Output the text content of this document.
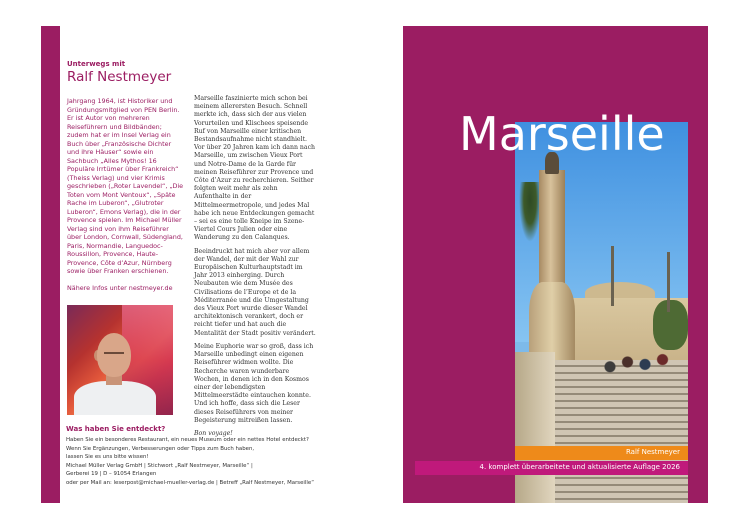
Unterwegs mit
Ralf Nestmeyer

Jahrgang 1964, ist Historiker und Gründungsmitglied von PEN Berlin. Er ist Autor von mehreren Reiseführern und Bildbänden; zudem hat er im Insel Verlag ein Buch über „Französische Dichter und ihre Häuser“ sowie ein Sachbuch „Alles Mythos! 16 Populäre Irrtümer über Frankreich“ (Theiss Verlag) und vier Krimis geschrieben („Roter Lavendel“, „Die Toten vom Mont Ventoux“, „Späte Rache im Luberon“, „Glutroter Luberon“, Emons Verlag), die in der Provence spielen. Im Michael Müller Verlag sind von ihm Reiseführer über London, Cornwall, Südengland, Paris, Normandie, Languedoc-Roussillon, Provence, Haute-Provence, Côte d’Azur, Nürnberg sowie über Franken erschienen.

Nähere Infos unter nestmeyer.de

Marseille faszinierte mich schon bei meinem allerersten Besuch. Schnell merkte ich, dass sich der aus vielen Vorurteilen und Klischees speisende Ruf von Marseille einer kritischen Bestandsaufnahme nicht standhielt. Vor über 20 Jahren kam ich dann nach Marseille, um zwischen Vieux Port und Notre-Dame de la Garde für meinen Reiseführer zur Provence und Côte d’Azur zu recherchieren. Seither folgten weit mehr als zehn Aufenthalte in der Mittelmeermetropole, und jedes Mal habe ich neue Entdeckungen gemacht – sei es eine tolle Kneipe im Szene-Viertel Cours Julien oder eine Wanderung zu den Calanques.

Beeindruckt hat mich aber vor allem der Wandel, der mit der Wahl zur Europäischen Kulturhauptstadt im Jahr 2013 einherging. Durch Neubauten wie dem Musée des Civilisations de l’Europe et de la Méditerranée und die Umgestaltung des Vieux Port wurde dieser Wandel architektonisch verankert, doch er reicht tiefer und hat auch die Mentalität der Stadt positiv verändert.

Meine Euphorie war so groß, dass ich Marseille unbedingt einen eigenen Reiseführer widmen wollte. Die Recherche waren wunderbare Wochen, in denen ich in den Kosmos einer der lebendigsten Mittelmeerstädte eintauchen konnte. Und ich hoffe, dass sich die Leser dieses Reiseführers von meiner Begeisterung mitreißen lassen.

Bon voyage!

Was haben Sie entdeckt?
Haben Sie ein besonderes Restaurant, ein neues Museum oder ein nettes Hotel entdeckt?
Wenn Sie Ergänzungen, Verbesserungen oder Tipps zum Buch haben,
lassen Sie es uns bitte wissen!
Michael Müller Verlag GmbH | Stichwort „Ralf Nestmeyer, Marseille“ |
Gerberei 19 | D – 91054 Erlangen
oder per Mail an: leserpost@michael-mueller-verlag.de | Betreff „Ralf Nestmeyer, Marseille“
Marseille
Ralf Nestmeyer
4. komplett überarbeitete und aktualisierte Auflage 2026
